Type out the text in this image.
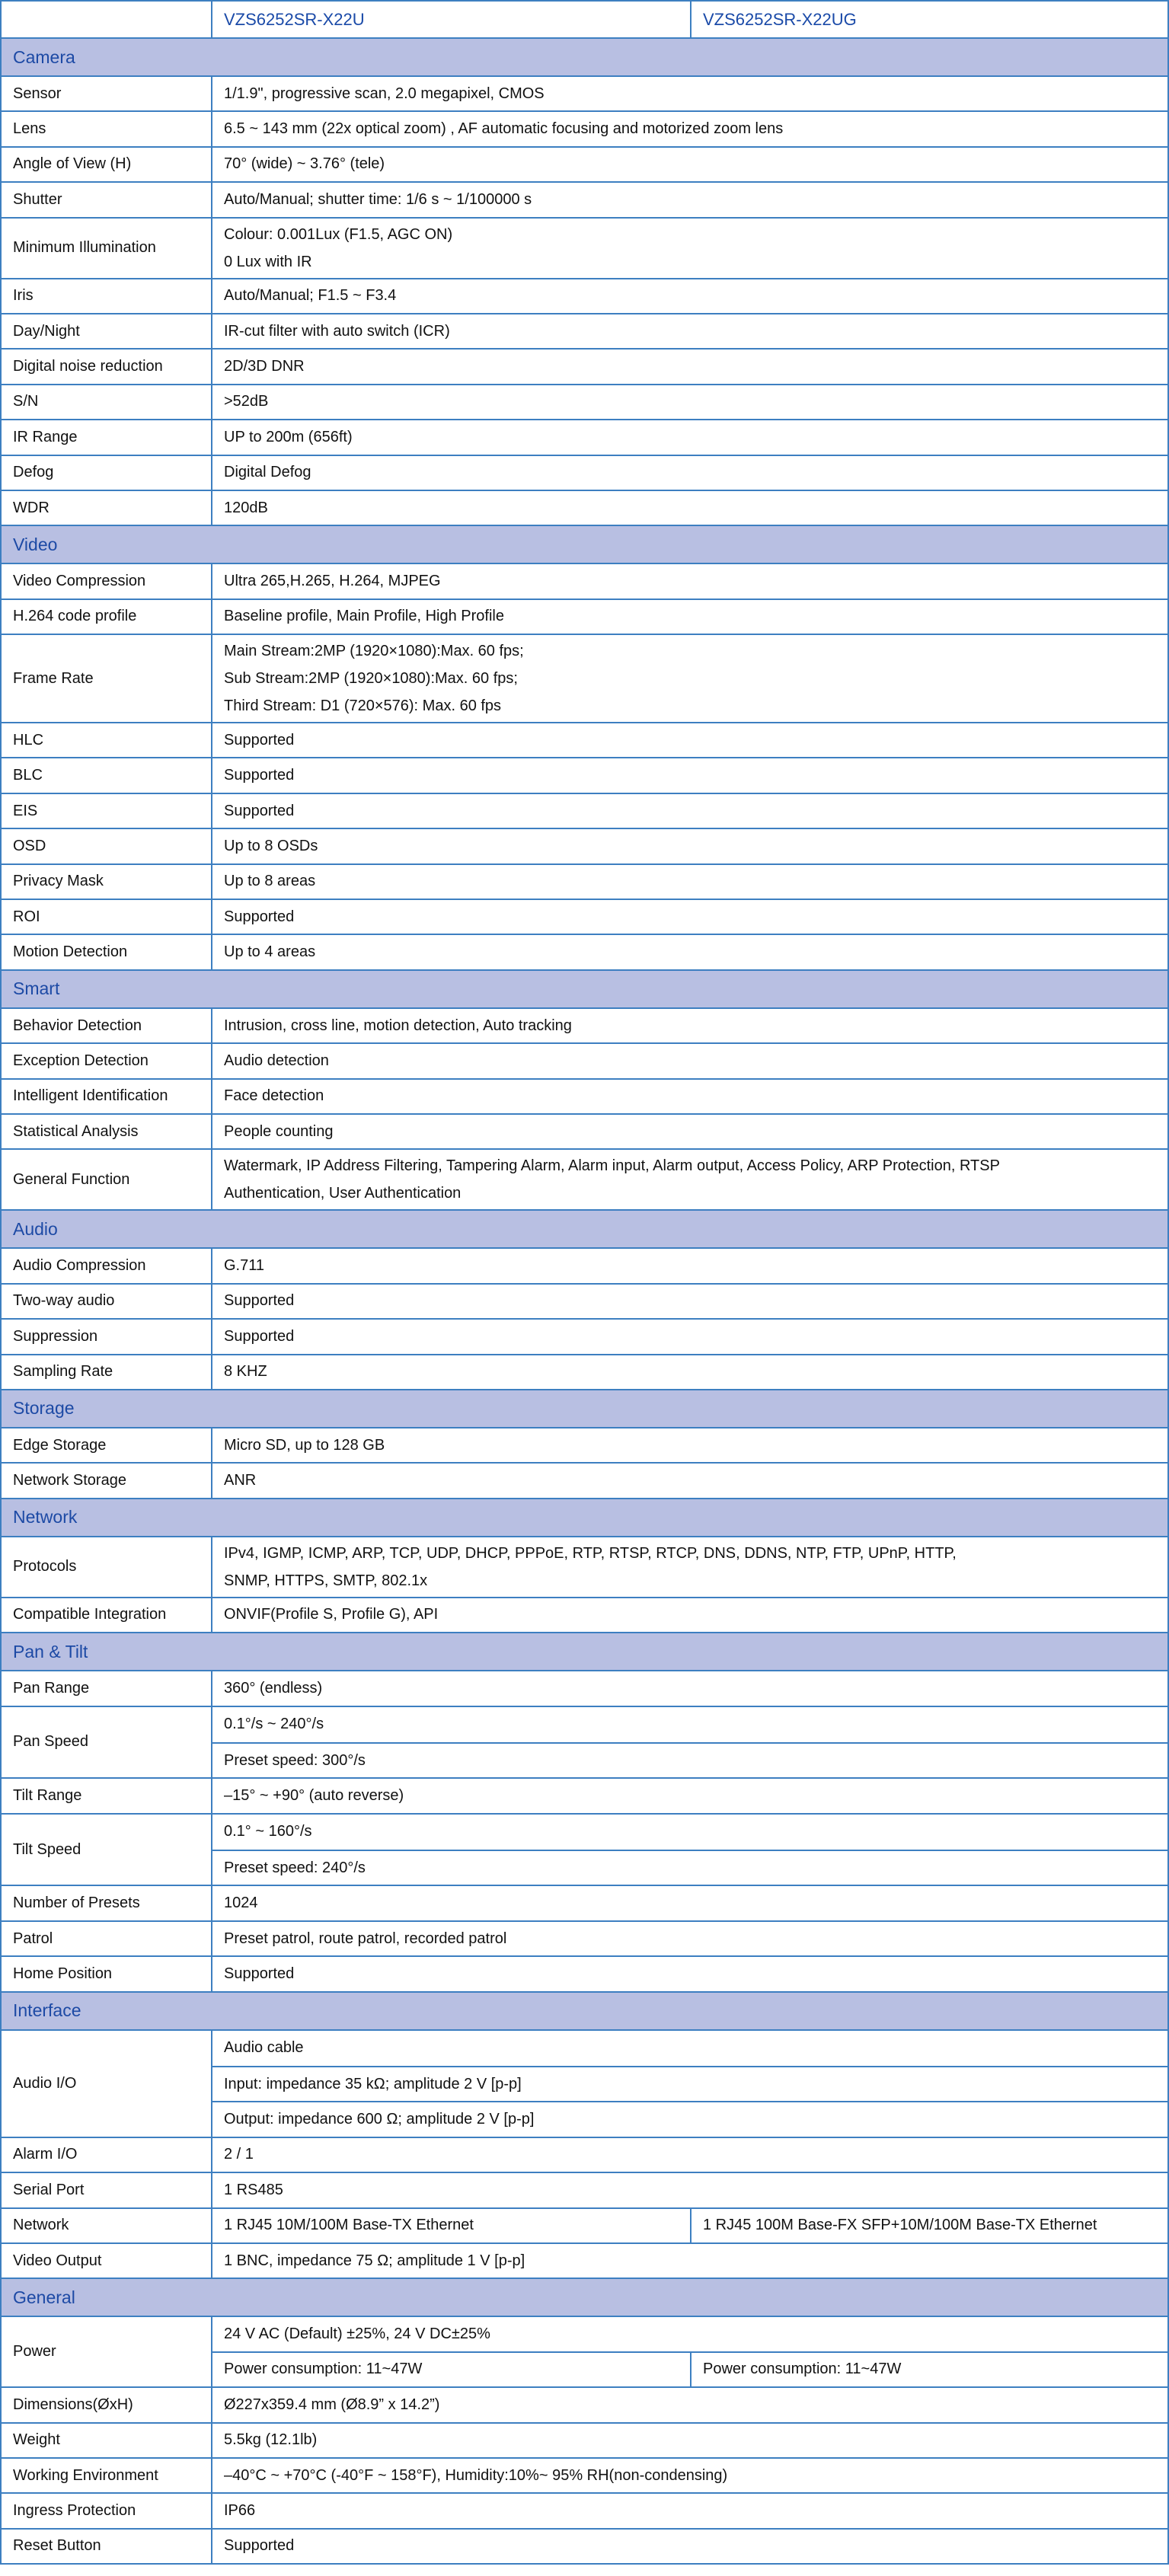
	VZS6252SR-X22U	VZS6252SR-X22UG
Camera		
Sensor	1/1.9", progressive scan, 2.0 megapixel, CMOS	
Lens	6.5 ~ 143 mm (22x optical zoom) , AF automatic focusing and motorized zoom lens	
Angle of View (H)	70° (wide) ~ 3.76° (tele)	
Shutter	Auto/Manual; shutter time: 1/6 s ~ 1/100000 s	
Minimum Illumination	Colour: 0.001Lux (F1.5, AGC ON)
0 Lux with IR	

Iris	Auto/Manual; F1.5 ~ F3.4	
Day/Night	IR-cut filter with auto switch (ICR)	
Digital noise reduction	2D/3D DNR	
S/N	>52dB	
IR Range	UP to 200m (656ft)	
Defog	Digital Defog	
WDR	120dB	
Video		
Video Compression	Ultra 265,H.265, H.264, MJPEG	
H.264 code profile	Baseline profile, Main Profile, High Profile	
Frame Rate	Main Stream:2MP (1920×1080):Max. 60 fps;
Sub Stream:2MP (1920×1080):Max. 60 fps;
Third Stream: D1 (720×576): Max. 60 fps	

HLC	Supported	
BLC	Supported	
EIS	Supported	
OSD	Up to 8 OSDs	
Privacy Mask	Up to 8 areas	
ROI	Supported	
Motion Detection	Up to 4 areas	
Smart		
Behavior Detection	Intrusion, cross line, motion detection, Auto tracking	
Exception Detection	Audio detection	
Intelligent Identification	Face detection	
Statistical Analysis	People counting	
General Function	Watermark, IP Address Filtering, Tampering Alarm, Alarm input, Alarm output, Access Policy, ARP Protection, RTSP
Authentication, User Authentication	

Audio		
Audio Compression	G.711	
Two-way audio	Supported	
Suppression	Supported	
Sampling Rate	8 KHZ	
Storage		
Edge Storage	Micro SD, up to 128 GB	
Network Storage	ANR	
Network		
Protocols	IPv4, IGMP, ICMP, ARP, TCP, UDP, DHCP, PPPoE, RTP, RTSP, RTCP, DNS, DDNS, NTP, FTP, UPnP, HTTP,
SNMP, HTTPS, SMTP, 802.1x	

Compatible Integration	ONVIF(Profile S, Profile G), API	
Pan & Tilt		
Pan Range	360° (endless)	
Pan Speed	0.1°/s ~ 240°/s
Preset speed: 300°/s	

Tilt Range	–15° ~ +90° (auto reverse)	
Tilt Speed	0.1° ~ 160°/s
Preset speed: 240°/s	

Number of Presets	1024	
Patrol	Preset patrol, route patrol, recorded patrol	
Home Position	Supported	
Interface		
Audio I/O	Audio cable
Input: impedance 35 kΩ; amplitude 2 V [p-p]
Output: impedance 600 Ω; amplitude 2 V [p-p]	

Alarm I/O	2 / 1	
Serial Port	1 RS485	
Network	1 RJ45 10M/100M Base-TX Ethernet	1 RJ45 100M Base-FX SFP+10M/100M Base-TX Ethernet
Video Output	1 BNC, impedance 75 Ω; amplitude 1 V [p-p]	
General		
Power	24 V AC (Default) ±25%, 24 V DC±25%	
	Power consumption: 11~47W	Power consumption: 11~47W
Dimensions(ØxH)	Ø227x359.4 mm (Ø8.9” x 14.2”)	
Weight	5.5kg (12.1lb)	
Working Environment	–40°C ~ +70°C (-40°F ~ 158°F), Humidity:10%~ 95% RH(non-condensing)	
Ingress Protection	IP66	
Reset Button	Supported	
